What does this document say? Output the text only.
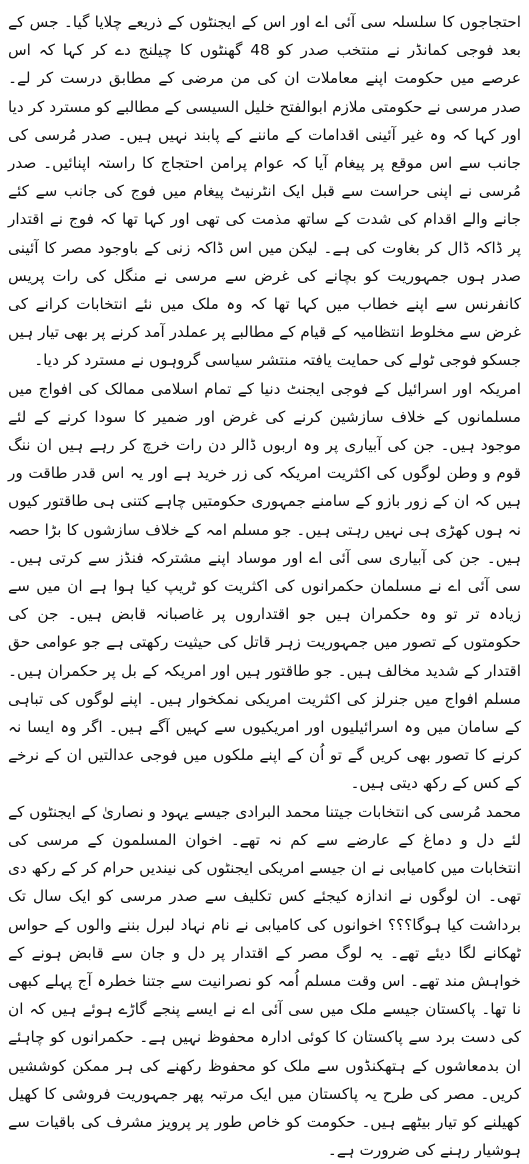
احتجاجوں کا سلسلہ سی آئی اے اور اس کے ایجنٹوں کے ذریعے چلایا گیا۔ جس کے بعد فوجی کمانڈر نے منتخب صدر کو 48 گھنٹوں کا چیلنج دے کر کہا کہ اس عرصے میں حکومت اپنے معاملات ان کی من مرضی کے مطابق درست کر لے۔ صدر مرسی نے حکومتی ملازم ابوالفتح خلیل السیسی کے مطالبے کو مسترد کر دیا اور کہا کہ وہ غیر آئینی اقدامات کے ماننے کے پابند نہیں ہیں۔ صدر مُرسی کی جانب سے اس موقع پر پیغام آیا کہ عوام پرامن احتجاج کا راستہ اپنائیں۔ صدر مُرسی نے اپنی حراست سے قبل ایک انٹرنیٹ پیغام میں فوج کی جانب سے کئے جانے والے اقدام کی شدت کے ساتھ مذمت کی تھی اور کہا تھا کہ فوج نے اقتدار پر ڈاکہ ڈال کر بغاوت کی ہے۔ لیکن میں اس ڈاکہ زنی کے باوجود مصر کا آئینی صدر ہوں جمہوریت کو بچانے کی غرض سے مرسی نے منگل کی رات پریس کانفرنس سے اپنے خطاب میں کہا تھا کہ وہ ملک میں نئے انتخابات کرانے کی غرض سے مخلوط انتظامیہ کے قیام کے مطالبے پر عملدر آمد کرنے پر بھی تیار ہیں جسکو فوجی ٹولے کی حمایت یافتہ منتشر سیاسی گروہوں نے مسترد کر دیا۔

امریکہ اور اسرائیل کے فوجی ایجنٹ دنیا کے تمام اسلامی ممالک کی افواج میں مسلمانوں کے خلاف سازشین کرنے کی غرض اور ضمیر کا سودا کرنے کے لئے موجود ہیں۔ جن کی آبیاری پر وہ اربوں ڈالر دن رات خرچ کر رہے ہیں ان ننگ قوم و وطن لوگوں کی اکثریت امریکہ کی زر خرید ہے اور یہ اس قدر طاقت ور ہیں کہ ان کے زور بازو کے سامنے جمہوری حکومتیں چاہے کتنی ہی طاقتور کیوں نہ ہوں کھڑی ہی نہیں رہتی ہیں۔ جو مسلم امہ کے خلاف سازشوں کا بڑا حصہ ہیں۔ جن کی آبیاری سی آئی اے اور موساد اپنے مشترکہ فنڈز سے کرتی ہیں۔ سی آئی اے نے مسلمان حکمرانوں کی اکثریت کو ٹریپ کیا ہوا ہے ان میں سے زیادہ تر تو وہ حکمران ہیں جو اقتداروں پر غاصبانہ قابض ہیں۔ جن کی حکومتوں کے تصور میں جمہوریت زہر قاتل کی حیثیت رکھتی ہے جو عوامی حق اقتدار کے شدید مخالف ہیں۔ جو طاقتور ہیں اور امریکہ کے بل پر حکمران ہیں۔ مسلم افواج میں جنرلز کی اکثریت امریکی نمکخوار ہیں۔ اپنے لوگوں کی تباہی کے سامان میں وہ اسرائیلیوں اور امریکیوں سے کہیں آگے ہیں۔ اگر وہ ایسا نہ کرنے کا تصور بھی کریں گے تو اُن کے اپنے ملکوں میں فوجی عدالتیں ان کے نرخے کے کس کے رکھ دیتی ہیں۔

محمد مُرسی کی انتخابات جیتنا محمد البرادی جیسے یہود و نصاریٰ کے ایجنٹوں کے لئے دل و دماغ کے عارضے سے کم نہ تھے۔ اخوان المسلمون کے مرسی کی انتخابات میں کامیابی نے ان جیسے امریکی ایجنٹوں کی نیندیں حرام کر کے رکھ دی تھی۔ ان لوگوں نے اندازہ کیجئے کس تکلیف سے صدر مرسی کو ایک سال تک برداشت کیا ہوگا؟؟؟ اخوانوں کی کامیابی نے نام نہاد لبرل بننے والوں کے حواس ٹھکانے لگا دیئے تھے۔ یہ لوگ مصر کے اقتدار پر دل و جان سے قابض ہونے کے خواہش مند تھے۔ اس وقت مسلم اُمہ کو نصرانیت سے جتنا خطرہ آج پہلے کبھی نا تھا۔ پاکستان جیسے ملک میں سی آئی اے نے ایسے پنجے گاڑے ہوئے ہیں کہ ان کی دست برد سے پاکستان کا کوئی ادارہ محفوظ نہیں ہے۔ حکمرانوں کو چاہئے ان بدمعاشوں کے ہتھکنڈوں سے ملک کو محفوظ رکھنے کی ہر ممکن کوششیں کریں۔ مصر کی طرح یہ پاکستان میں ایک مرتبہ پھر جمہوریت فروشی کا کھیل کھیلنے کو تیار بیٹھے ہیں۔ حکومت کو خاص طور پر پرویز مشرف کی باقیات سے ہوشیار رہنے کی ضرورت ہے۔
